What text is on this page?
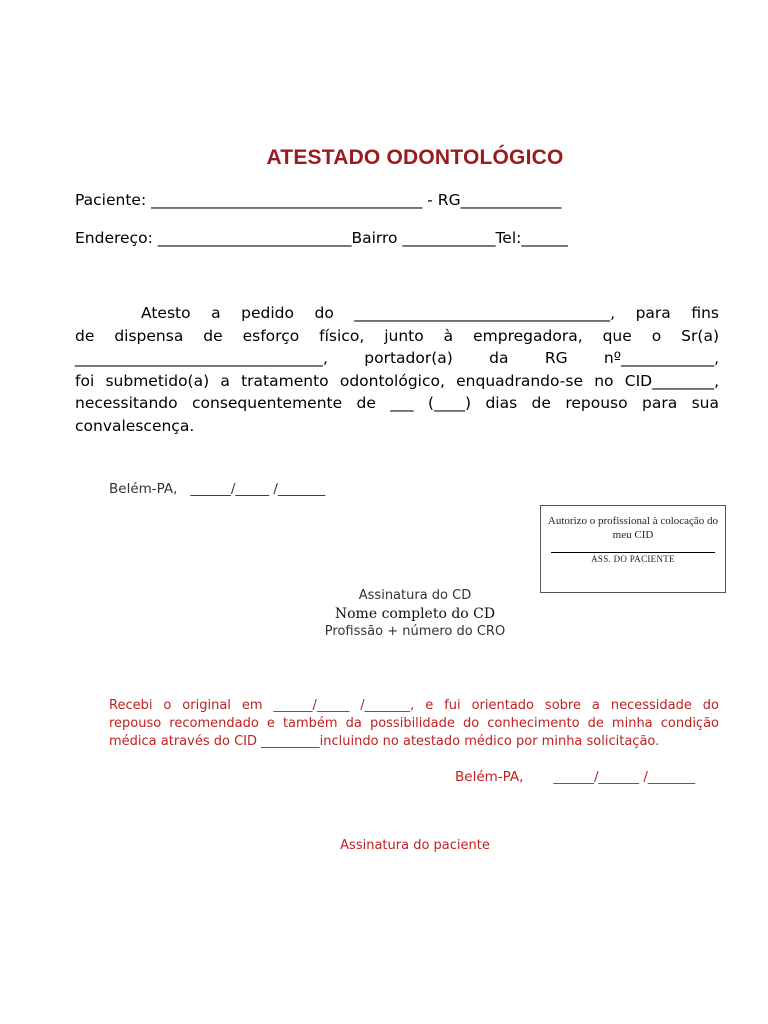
ATESTADO ODONTOLÓGICO
Paciente: ___________________________________ - RG_____________
Endereço: _________________________Bairro ____________Tel:______
Atesto a pedido do _________________________________, para fins
de dispensa de esforço físico, junto à empregadora, que o Sr(a)
________________________________, portador(a) da RG nº____________,
foi submetido(a) a tratamento odontológico, enquadrando-se no CID________,
necessitando consequentemente de ___ (____) dias de repouso para sua
convalescença.
Belém-PA,   ______/_____ /_______
Autorizo o profissional à colocação do meu CID
ASS. DO PACIENTE
Assinatura do CD
Nome completo do CD
Profissão + número do CRO
Recebi o original em ______/_____ /_______, e fui orientado sobre a necessidade do
repouso recomendado e também da possibilidade do conhecimento de minha condição
médica através do CID _________incluindo no atestado médico por minha solicitação.
Belém-PA,       ______/______ /_______
Assinatura do paciente
